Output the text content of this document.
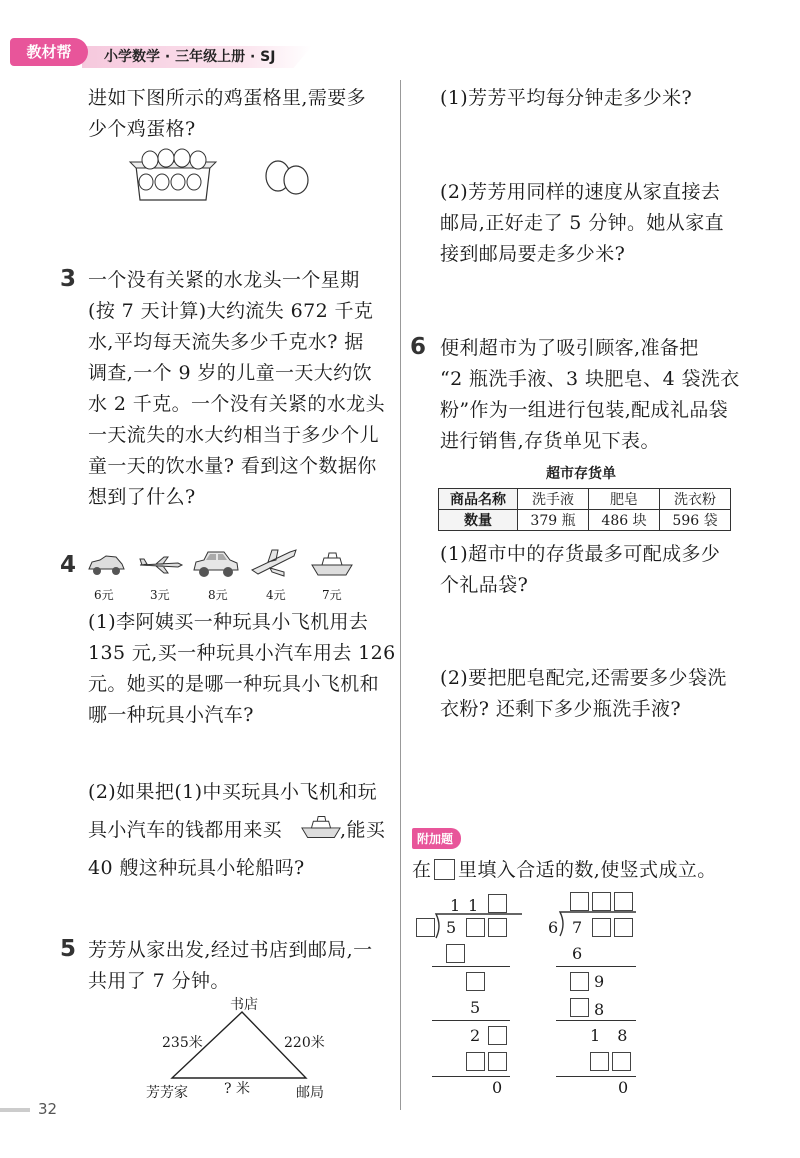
教材帮	小学数学 · 三年级上册 · SJ
进如下图所示的鸡蛋格里,需要多
少个鸡蛋格?
3 一个没有关紧的水龙头一个星期
(按 7 天计算)大约流失 672 千克
水,平均每天流失多少千克水? 据
调查,一个 9 岁的儿童一天大约饮
水 2 千克。一个没有关紧的水龙头
一天流失的水大约相当于多少个儿
童一天的饮水量? 看到这个数据你
想到了什么?
4
6元	3元	8元	4元	7元
(1)李阿姨买一种玩具小飞机用去
135 元,买一种玩具小汽车用去 126
元。她买的是哪一种玩具小飞机和
哪一种玩具小汽车?
(2)如果把(1)中买玩具小飞机和玩
具小汽车的钱都用来买	,能买
40 艘这种玩具小轮船吗?
5 芳芳从家出发,经过书店到邮局,一
共用了 7 分钟。
书店
235米	220米
芳芳家	? 米	邮局
(1)芳芳平均每分钟走多少米?
(2)芳芳用同样的速度从家直接去
邮局,正好走了 5 分钟。她从家直
接到邮局要走多少米?
6 便利超市为了吸引顾客,准备把
“2 瓶洗手液、3 块肥皂、4 袋洗衣
粉”作为一组进行包装,配成礼品袋
进行销售,存货单见下表。
超市存货单
商品名称	洗手液	肥皂	洗衣粉
数量	379 瓶	486 块	596 袋
(1)超市中的存货最多可配成多少
个礼品袋?
(2)要把肥皂配完,还需要多少袋洗
衣粉? 还剩下多少瓶洗手液?
附加题
在 里填入合适的数,使竖式成立。
1 1
5
5
2
0
6 7
6
9
8
1 8
0
32
